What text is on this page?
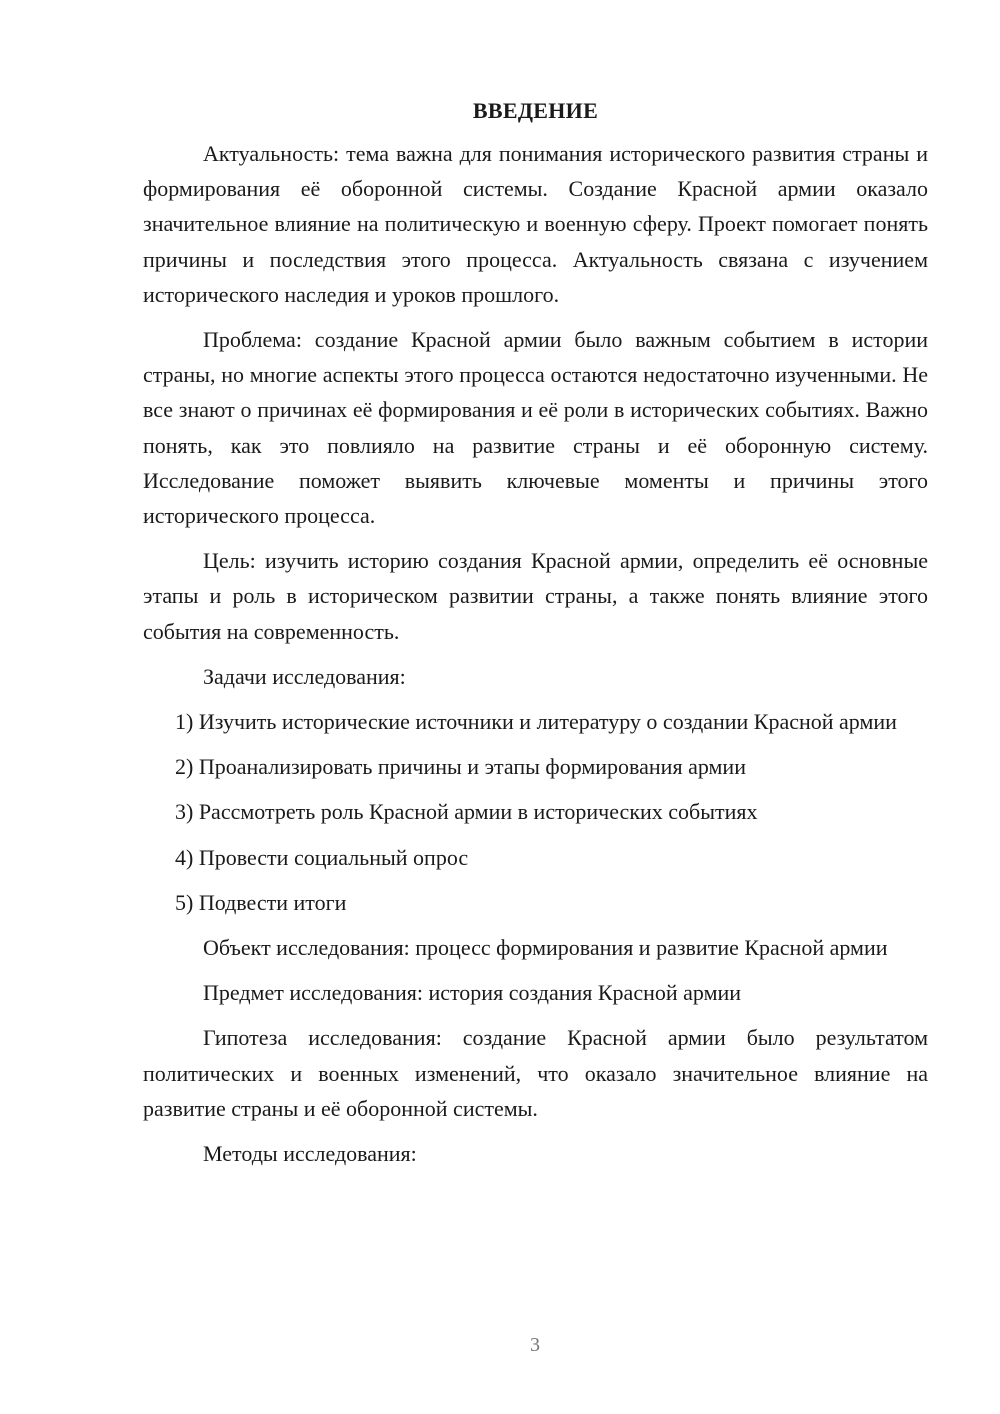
ВВЕДЕНИЕ

Актуальность: тема важна для понимания исторического развития страны и формирования её оборонной системы. Создание Красной армии оказало значительное влияние на политическую и военную сферу. Проект помогает понять причины и последствия этого процесса. Актуальность связана с изучением исторического наследия и уроков прошлого.

Проблема: создание Красной армии было важным событием в истории страны, но многие аспекты этого процесса остаются недостаточно изученными. Не все знают о причинах её формирования и её роли в исторических событиях. Важно понять, как это повлияло на развитие страны и её оборонную систему. Исследование поможет выявить ключевые моменты и причины этого исторического процесса.

Цель: изучить историю создания Красной армии, определить её основные этапы и роль в историческом развитии страны, а также понять влияние этого события на современность.

Задачи исследования:

1) Изучить исторические источники и литературу о создании Красной армии

2) Проанализировать причины и этапы формирования армии

3) Рассмотреть роль Красной армии в исторических событиях

4) Провести социальный опрос

5) Подвести итоги

Объект исследования: процесс формирования и развитие Красной армии

Предмет исследования: история создания Красной армии

Гипотеза исследования: создание Красной армии было результатом политических и военных изменений, что оказало значительное влияние на развитие страны и её оборонной системы.

Методы исследования:

3
